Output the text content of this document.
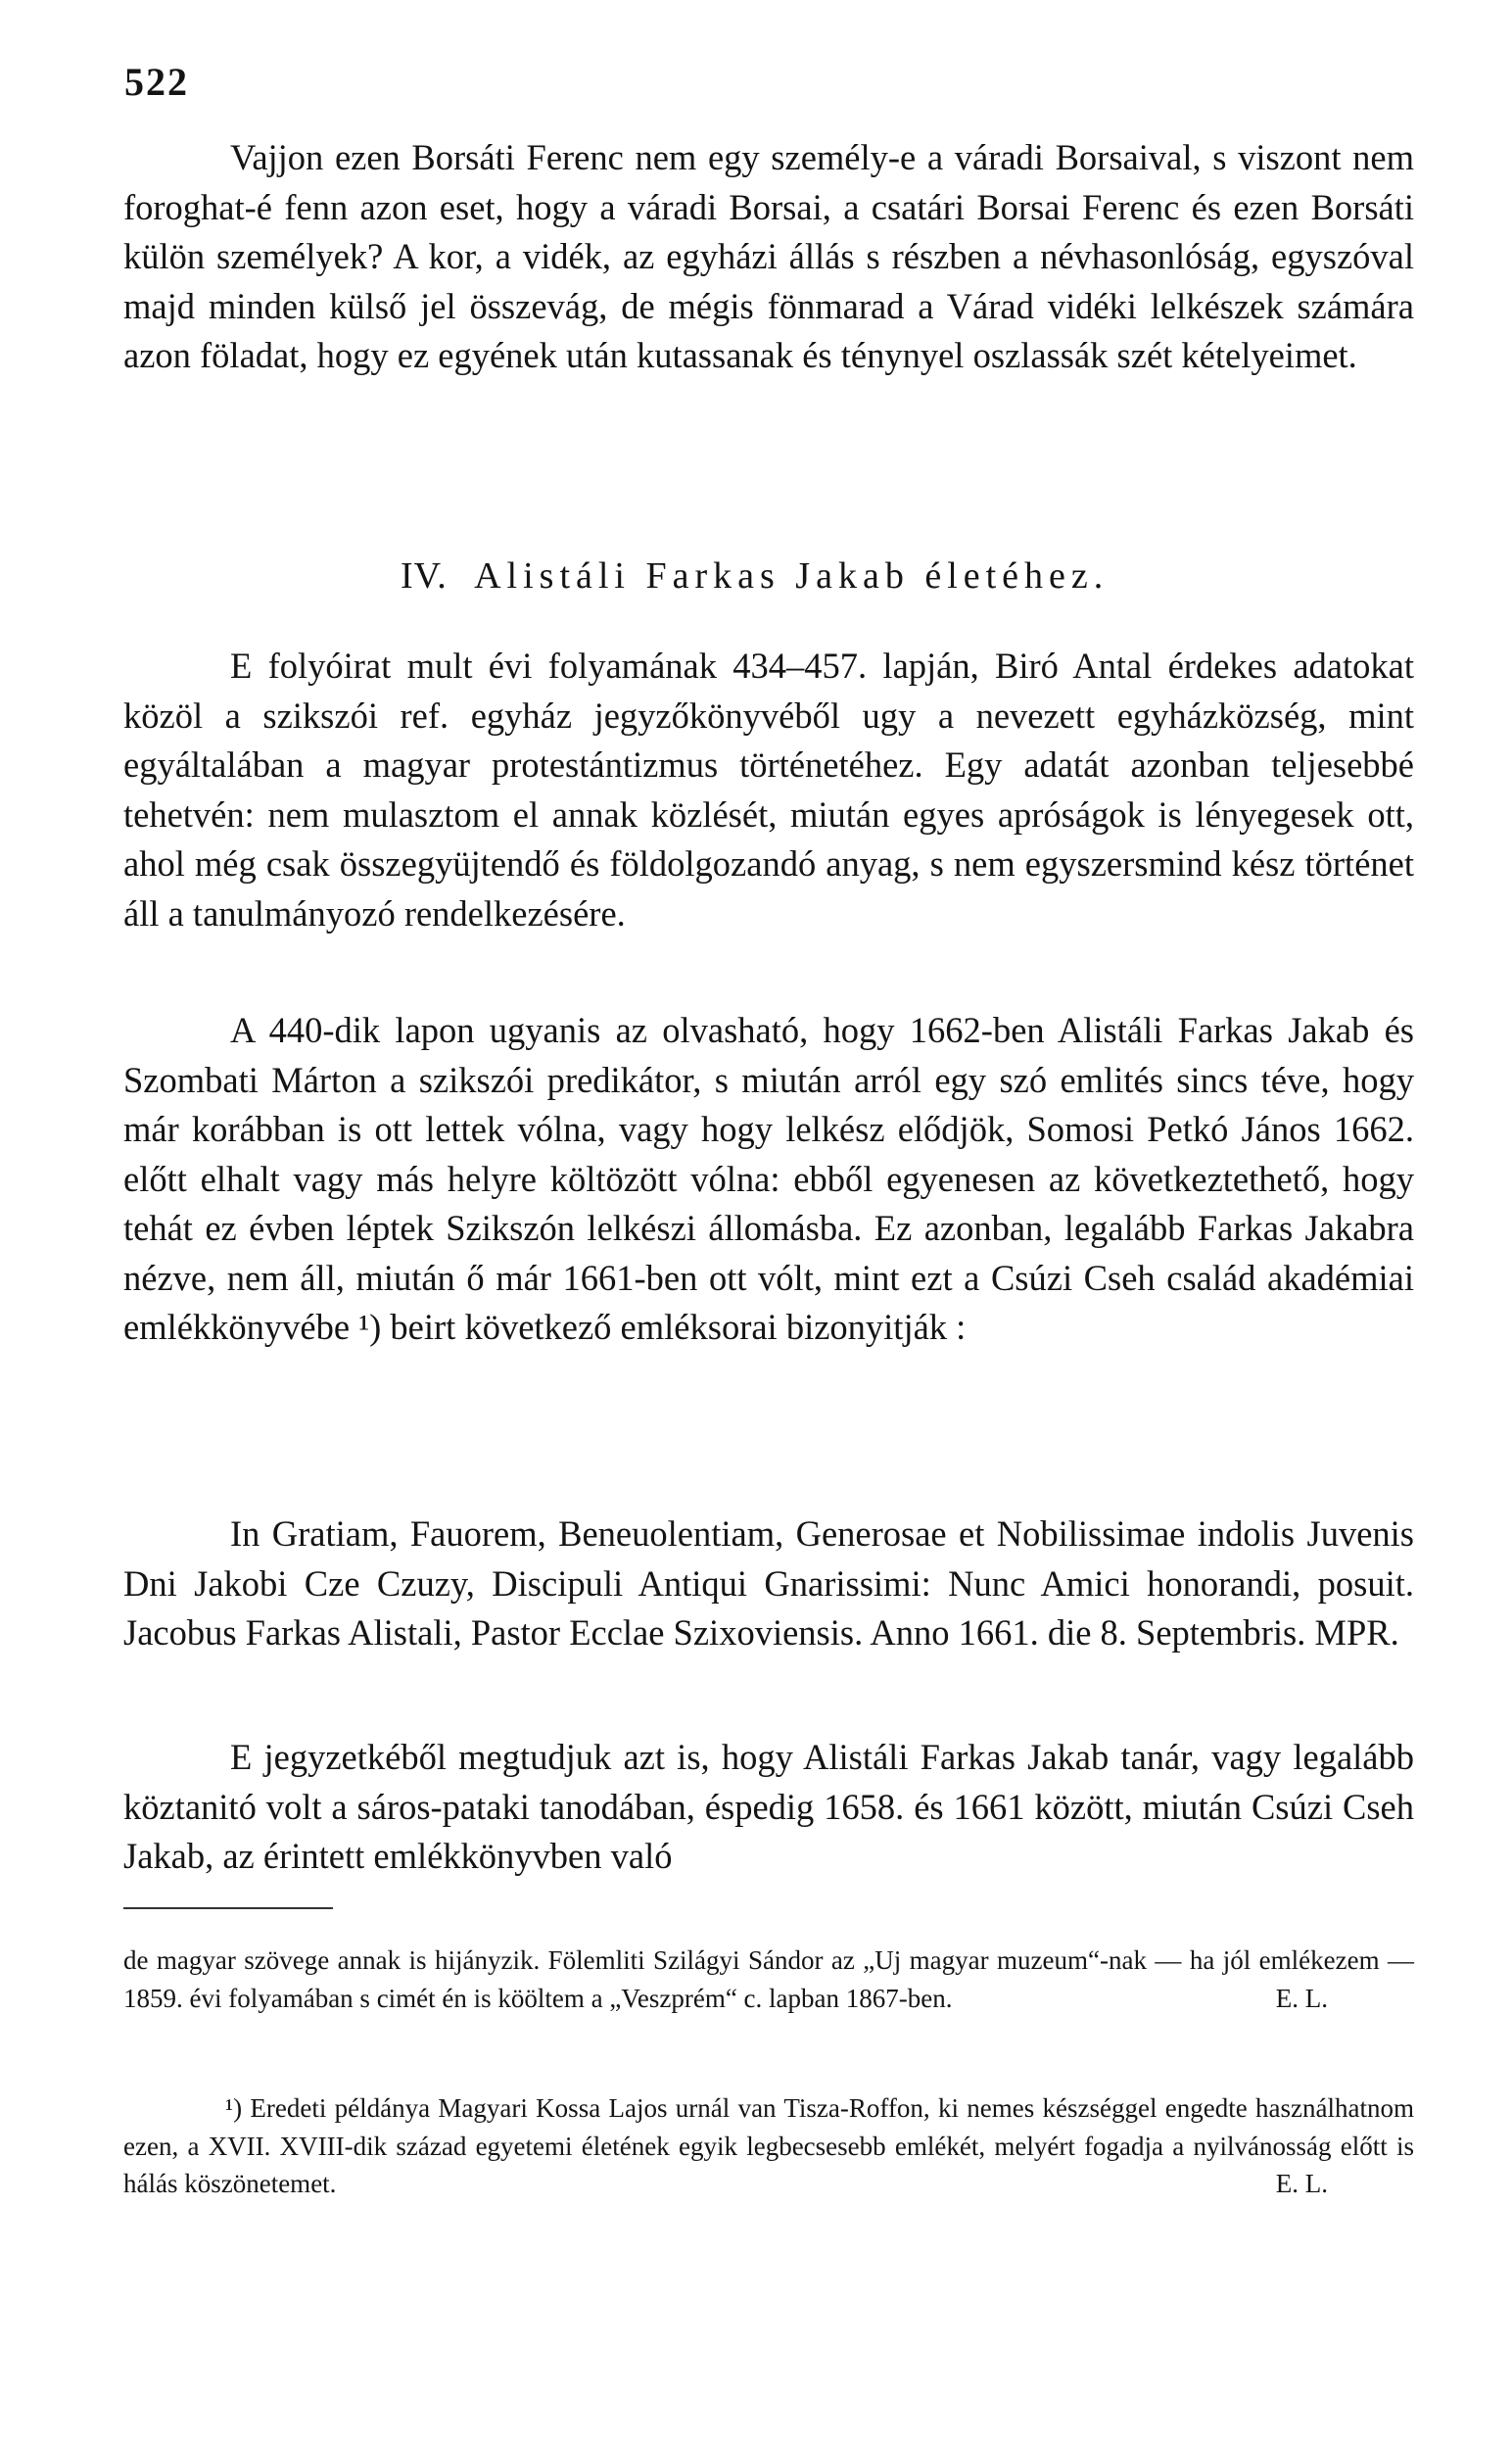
522

Vajjon ezen Borsáti Ferenc nem egy személy-e a váradi Borsaival, s viszont nem foroghat-é fenn azon eset, hogy a váradi Borsai, a csatári Borsai Ferenc és ezen Borsáti külön személyek? A kor, a vidék, az egyházi állás s részben a névhasonlóság, egyszóval majd minden külső jel összevág, de mégis fönmarad a Várad vidéki lelkészek számára azon föladat, hogy ez egyének után kutassanak és ténynyel oszlassák szét kételyeimet.

IV. Alistáli Farkas Jakab életéhez.

E folyóirat mult évi folyamának 434–457. lapján, Biró Antal érdekes adatokat közöl a szikszói ref. egyház jegyzőkönyvéből ugy a nevezett egyházközség, mint egyáltalában a magyar protestántizmus történetéhez. Egy adatát azonban teljesebbé tehetvén: nem mulasztom el annak közlését, miután egyes apróságok is lényegesek ott, ahol még csak összegyüjtendő és földolgozandó anyag, s nem egyszersmind kész történet áll a tanulmányozó rendelkezésére.

A 440-dik lapon ugyanis az olvasható, hogy 1662-ben Alistáli Farkas Jakab és Szombati Márton a szikszói predikátor, s miután arról egy szó emlités sincs téve, hogy már korábban is ott lettek vólna, vagy hogy lelkész elődjök, Somosi Petkó János 1662. előtt elhalt vagy más helyre költözött vólna: ebből egyenesen az következtethető, hogy tehát ez évben léptek Szikszón lelkészi állomásba. Ez azonban, legalább Farkas Jakabra nézve, nem áll, miután ő már 1661-ben ott vólt, mint ezt a Csúzi Cseh család akadémiai emlékkönyvébe ¹) beirt következő emléksorai bizonyitják :

In Gratiam, Fauorem, Beneuolentiam, Generosae et Nobilissimae indolis Juvenis Dni Jakobi Cze Czuzy, Discipuli Antiqui Gnarissimi: Nunc Amici honorandi, posuit. Jacobus Farkas Alistali, Pastor Ecclae Szixoviensis. Anno 1661. die 8. Septembris. MPR.

E jegyzetkéből megtudjuk azt is, hogy Alistáli Farkas Jakab tanár, vagy legalább köztanitó volt a sáros-pataki tanodában, éspedig 1658. és 1661 között, miután Csúzi Cseh Jakab, az érintett emlékkönyvben való

de magyar szövege annak is hijányzik. Fölemliti Szilágyi Sándor az „Uj magyar muzeum“-nak — ha jól emlékezem — 1859. évi folyamában s cimét én is kööltem a „Veszprém“ c. lapban 1867-ben.	E. L.

¹) Eredeti példánya Magyari Kossa Lajos urnál van Tisza-Roffon, ki nemes készséggel engedte használhatnom ezen, a XVII. XVIII-dik század egyetemi életének egyik legbecsesebb emlékét, melyért fogadja a nyilvánosság előtt is hálás köszönetemet.	E. L.
